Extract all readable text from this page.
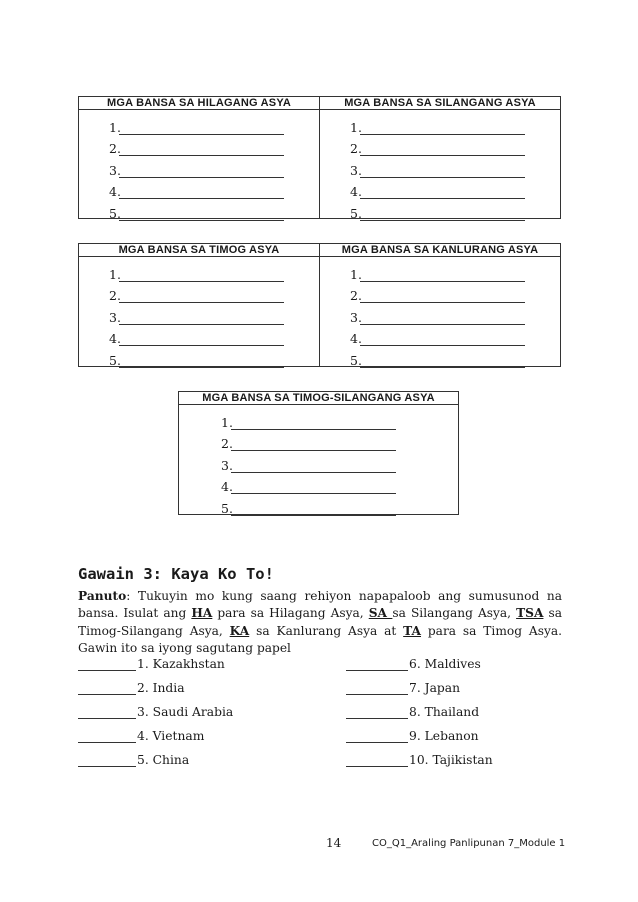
MGA BANSA SA HILAGANG ASYA
1.
2.
3.
4.
5.
MGA BANSA SA SILANGANG ASYA
1.
2.
3.
4.
5.
MGA BANSA SA TIMOG ASYA
1.
2.
3.
4.
5.
MGA BANSA SA KANLURANG ASYA
1.
2.
3.
4.
5.
MGA BANSA SA TIMOG-SILANGANG ASYA
1.
2.
3.
4.
5.
Gawain 3: Kaya Ko To!
Panuto: Tukuyin mo kung saang rehiyon napapaloob ang sumusunod na bansa. Isulat ang HA para sa Hilagang Asya, SA sa Silangang Asya, TSA sa Timog-Silangang Asya, KA sa Kanlurang Asya at TA para sa Timog Asya. Gawin ito sa iyong sagutang papel
1. Kazakhstan
2. India
3. Saudi Arabia
4. Vietnam
5. China
6. Maldives
7. Japan
8. Thailand
9. Lebanon
10. Tajikistan
14	CO_Q1_Araling Panlipunan 7_Module 1
